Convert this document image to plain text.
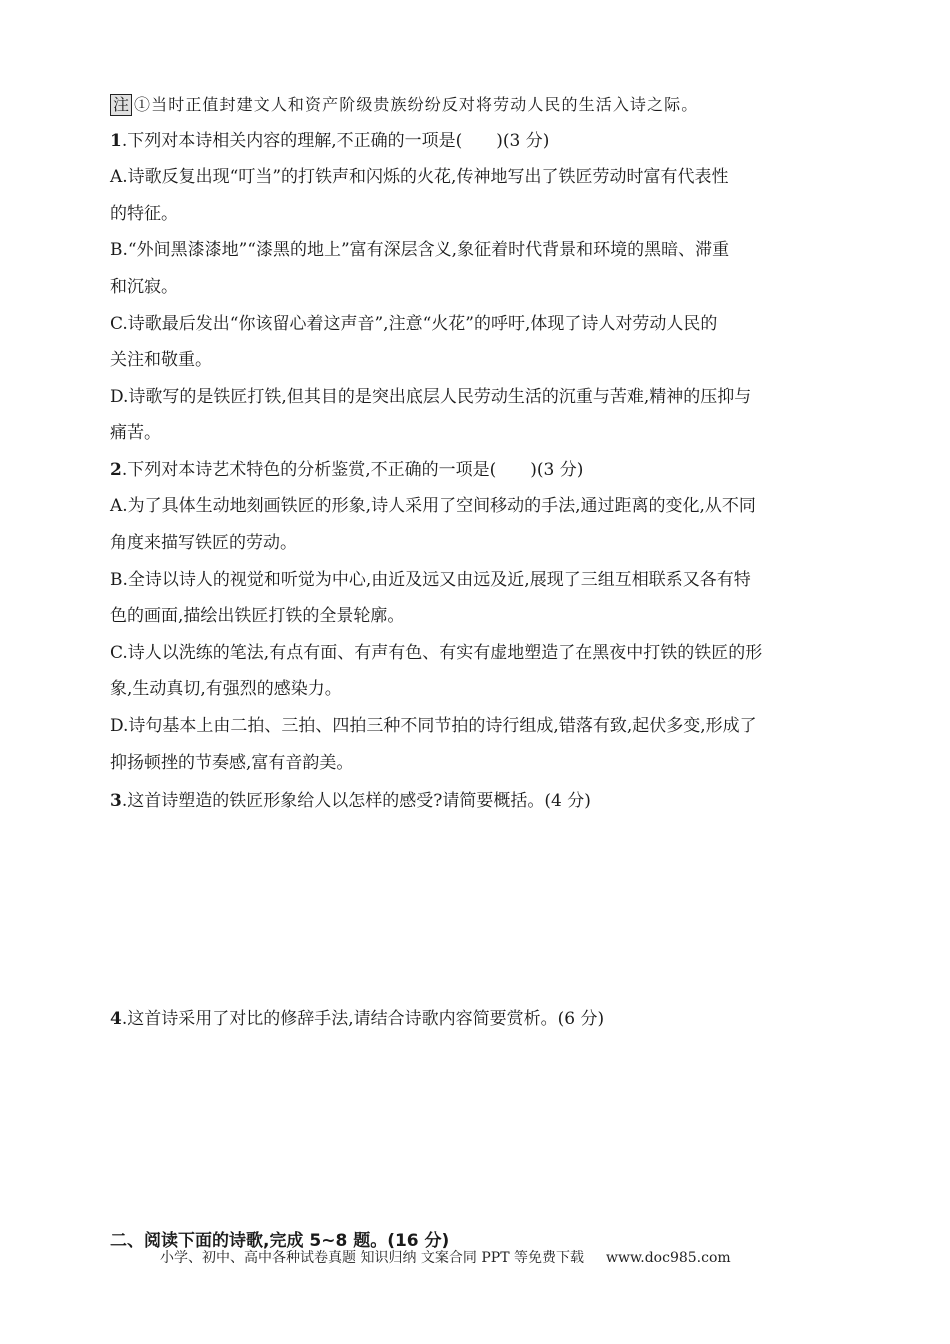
注 ①当时正值封建文人和资产阶级贵族纷纷反对将劳动人民的生活入诗之际。
1.下列对本诗相关内容的理解,不正确的一项是(　　)(3 分)
A.诗歌反复出现“叮当”的打铁声和闪烁的火花,传神地写出了铁匠劳动时富有代表性
的特征。
B.“外间黑漆漆地”“漆黑的地上”富有深层含义,象征着时代背景和环境的黑暗、滞重
和沉寂。
C.诗歌最后发出“你该留心着这声音”,注意“火花”的呼吁,体现了诗人对劳动人民的
关注和敬重。
D.诗歌写的是铁匠打铁,但其目的是突出底层人民劳动生活的沉重与苦难,精神的压抑与
痛苦。
2.下列对本诗艺术特色的分析鉴赏,不正确的一项是(　　)(3 分)
A.为了具体生动地刻画铁匠的形象,诗人采用了空间移动的手法,通过距离的变化,从不同
角度来描写铁匠的劳动。
B.全诗以诗人的视觉和听觉为中心,由近及远又由远及近,展现了三组互相联系又各有特
色的画面,描绘出铁匠打铁的全景轮廓。
C.诗人以洗练的笔法,有点有面、有声有色、有实有虚地塑造了在黑夜中打铁的铁匠的形
象,生动真切,有强烈的感染力。
D.诗句基本上由二拍、三拍、四拍三种不同节拍的诗行组成,错落有致,起伏多变,形成了
抑扬顿挫的节奏感,富有音韵美。
3.这首诗塑造的铁匠形象给人以怎样的感受?请简要概括。(4 分)
4.这首诗采用了对比的修辞手法,请结合诗歌内容简要赏析。(6 分)
二、阅读下面的诗歌,完成 5~8 题。(16 分)
小学、初中、高中各种试卷真题 知识归纳 文案合同 PPT 等免费下载 www.doc985.com
